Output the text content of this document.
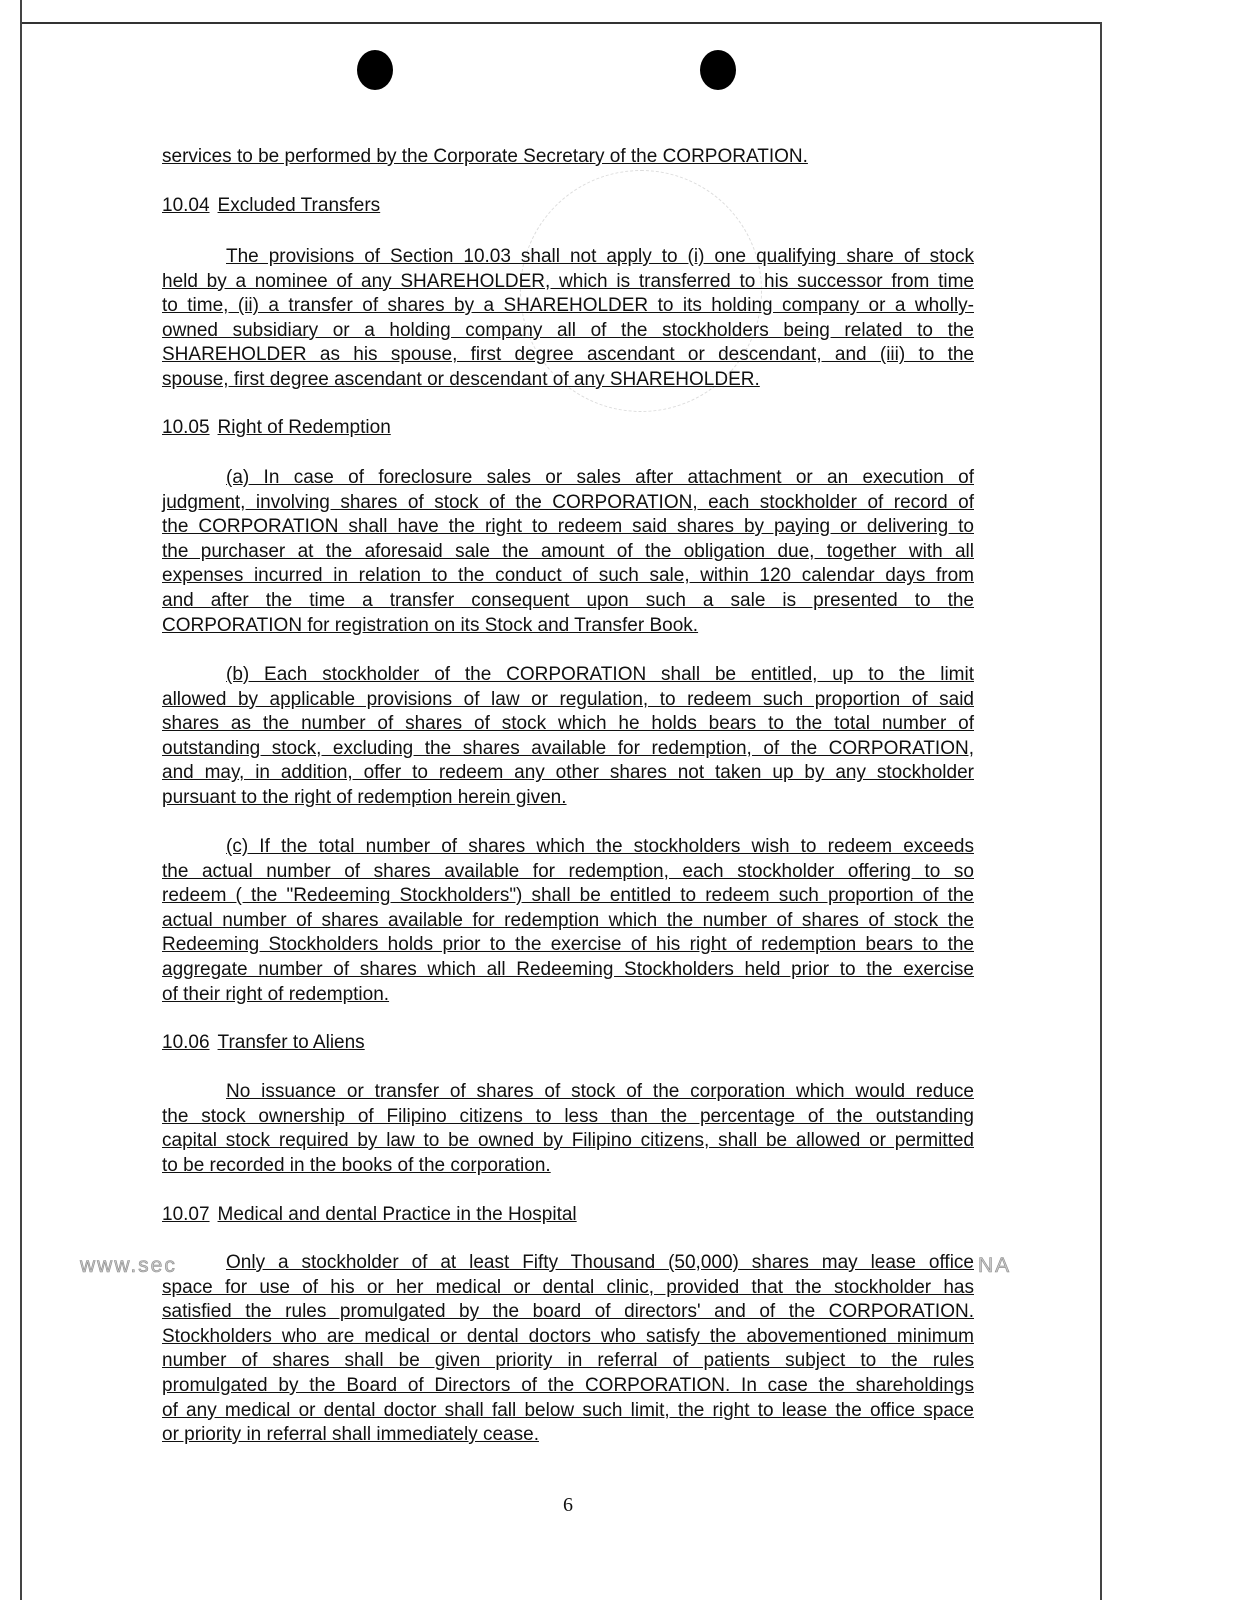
www.sec	NA
services to be performed by the Corporate Secretary of the CORPORATION.
10.04 Excluded Transfers
The provisions of Section 10.03 shall not apply to (i) one qualifying share of stock
held by a nominee of any SHAREHOLDER, which is transferred to his successor from time
to time, (ii) a transfer of shares by a SHAREHOLDER to its holding company or a wholly-
owned subsidiary or a holding company all of the stockholders being related to the
SHAREHOLDER as his spouse, first degree ascendant or descendant, and (iii) to the
spouse, first degree ascendant or descendant of any SHAREHOLDER.
10.05 Right of Redemption
(a) In case of foreclosure sales or sales after attachment or an execution of
judgment, involving shares of stock of the CORPORATION, each stockholder of record of
the CORPORATION shall have the right to redeem said shares by paying or delivering to
the purchaser at the aforesaid sale the amount of the obligation due, together with all
expenses incurred in relation to the conduct of such sale, within 120 calendar days from
and after the time a transfer consequent upon such a sale is presented to the
CORPORATION for registration on its Stock and Transfer Book.
(b) Each stockholder of the CORPORATION shall be entitled, up to the limit
allowed by applicable provisions of law or regulation, to redeem such proportion of said
shares as the number of shares of stock which he holds bears to the total number of
outstanding stock, excluding the shares available for redemption, of the CORPORATION,
and may, in addition, offer to redeem any other shares not taken up by any stockholder
pursuant to the right of redemption herein given.
(c) If the total number of shares which the stockholders wish to redeem exceeds
the actual number of shares available for redemption, each stockholder offering to so
redeem ( the "Redeeming Stockholders") shall be entitled to redeem such proportion of the
actual number of shares available for redemption which the number of shares of stock the
Redeeming Stockholders holds prior to the exercise of his right of redemption bears to the
aggregate number of shares which all Redeeming Stockholders held prior to the exercise
of their right of redemption.
10.06 Transfer to Aliens
No issuance or transfer of shares of stock of the corporation which would reduce
the stock ownership of Filipino citizens to less than the percentage of the outstanding
capital stock required by law to be owned by Filipino citizens, shall be allowed or permitted
to be recorded in the books of the corporation.
10.07 Medical and dental Practice in the Hospital
Only a stockholder of at least Fifty Thousand (50,000) shares may lease office
space for use of his or her medical or dental clinic, provided that the stockholder has
satisfied the rules promulgated by the board of directors' and of the CORPORATION.
Stockholders who are medical or dental doctors who satisfy the abovementioned minimum
number of shares shall be given priority in referral of patients subject to the rules
promulgated by the Board of Directors of the CORPORATION. In case the shareholdings
of any medical or dental doctor shall fall below such limit, the right to lease the office space
or priority in referral shall immediately cease.
6
